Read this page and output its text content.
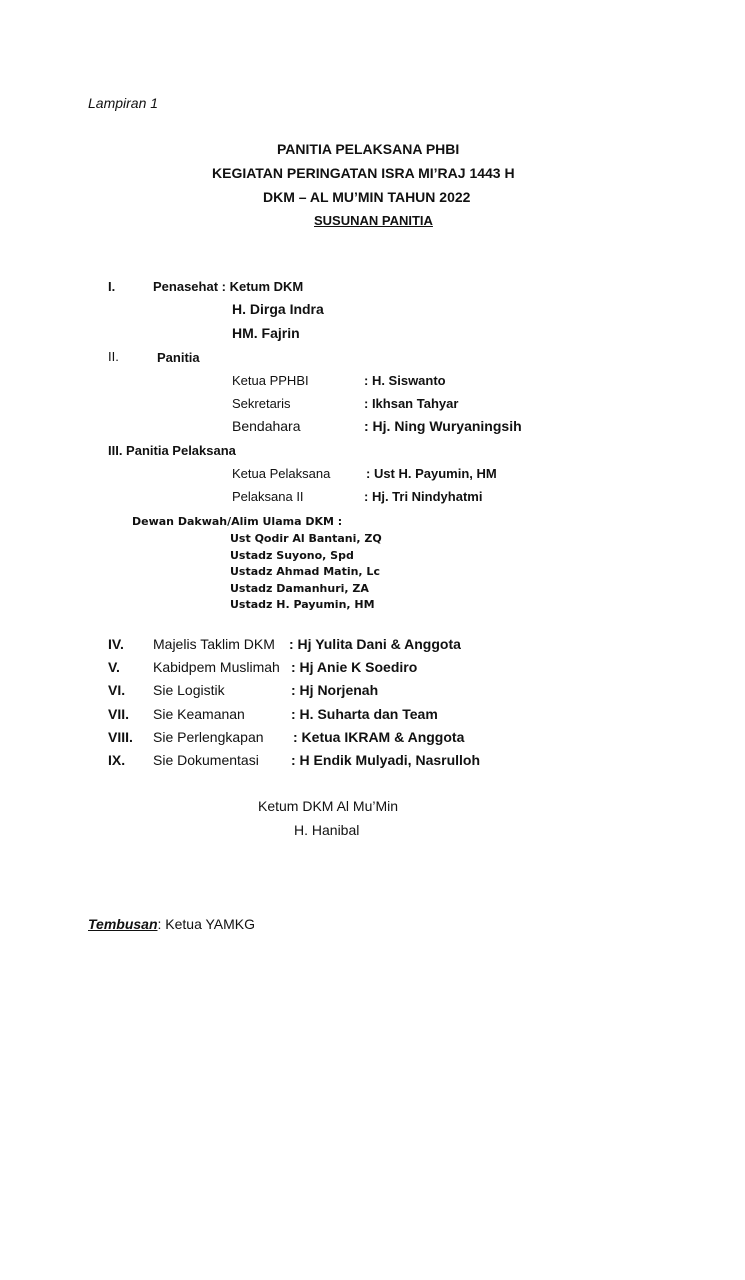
Lampiran 1
PANITIA PELAKSANA PHBI
KEGIATAN PERINGATAN ISRA MI’RAJ 1443 H
DKM – AL MU’MIN TAHUN 2022
SUSUNAN PANITIA
I.	Penasehat : Ketum DKM
H. Dirga Indra
HM. Fajrin
II.	Panitia
Ketua PPHBI	: H. Siswanto
Sekretaris	: Ikhsan Tahyar
Bendahara	: Hj. Ning Wuryaningsih
III. Panitia Pelaksana
Ketua Pelaksana	: Ust H. Payumin, HM
Pelaksana II	: Hj. Tri Nindyhatmi
Dewan Dakwah/Alim Ulama DKM :
Ust Qodir Al Bantani, ZQ
Ustadz Suyono, Spd
Ustadz Ahmad Matin, Lc
Ustadz Damanhuri, ZA
Ustadz H. Payumin, HM
IV. Majelis Taklim DKM : Hj Yulita Dani & Anggota
V. Kabidpem Muslimah : Hj Anie K Soediro
VI. Sie Logistik	: Hj Norjenah
VII. Sie Keamanan	: H. Suharta dan Team
VIII. Sie Perlengkapan : Ketua IKRAM & Anggota
IX. Sie Dokumentasi : H Endik Mulyadi, Nasrulloh
Ketum DKM Al Mu’Min
H. Hanibal
Tembusan: Ketua YAMKG
